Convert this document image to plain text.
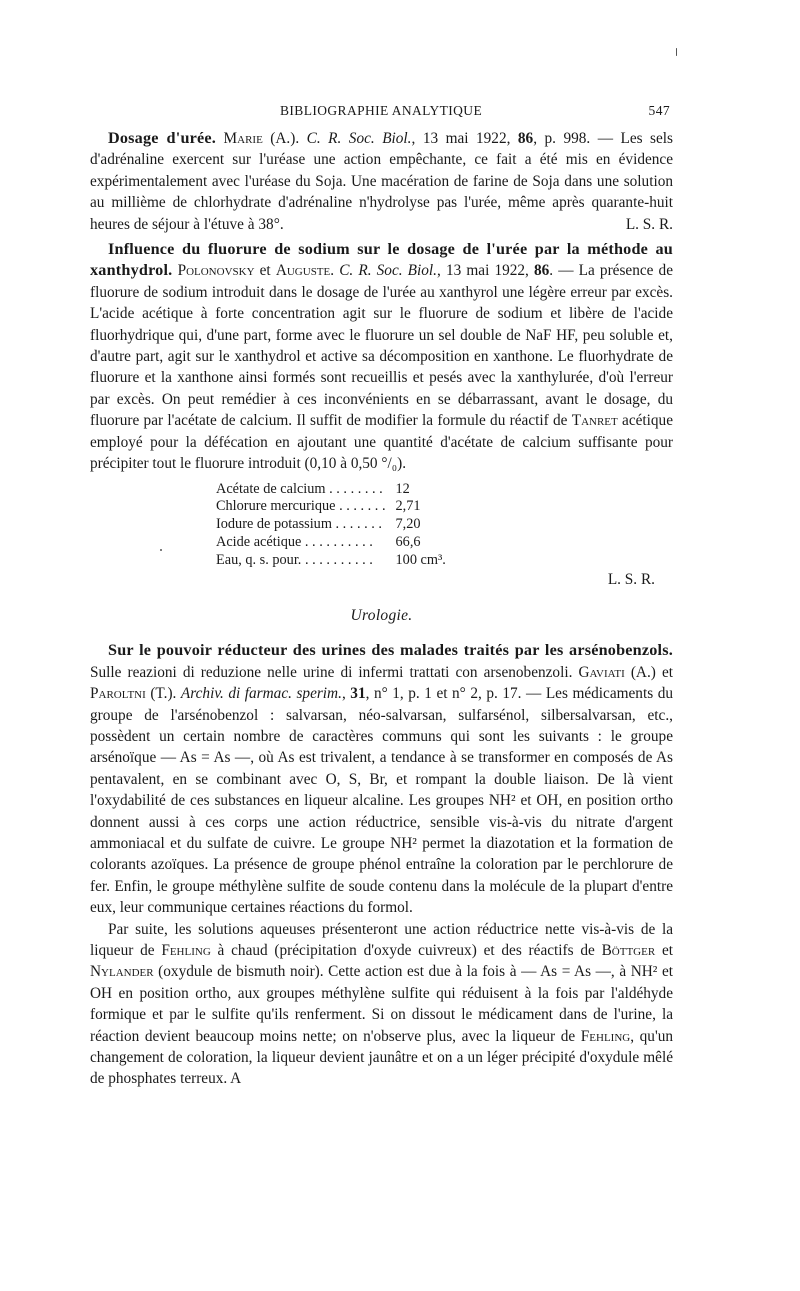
BIBLIOGRAPHIE ANALYTIQUE	547

Dosage d'urée. Marie (A.). C. R. Soc. Biol., 13 mai 1922, 86, p. 998. — Les sels d'adrénaline exercent sur l'uréase une action empêchante, ce fait a été mis en évidence expérimentalement avec l'uréase du Soja. Une macération de farine de Soja dans une solution au millième de chlorhydrate d'adrénaline n'hydrolyse pas l'urée, même après quarante-huit heures de séjour à l'étuve à 38°.	L. S. R.

Influence du fluorure de sodium sur le dosage de l'urée par la méthode au xanthydrol. Polonovsky et Auguste. C. R. Soc. Biol., 13 mai 1922, 86. — La présence de fluorure de sodium introduit dans le dosage de l'urée au xanthyrol une légère erreur par excès. L'acide acétique à forte concentration agit sur le fluorure de sodium et libère de l'acide fluorhydrique qui, d'une part, forme avec le fluorure un sel double de NaF HF, peu soluble et, d'autre part, agit sur le xanthydrol et active sa décomposition en xanthone. Le fluorhydrate de fluorure et la xanthone ainsi formés sont recueillis et pesés avec la xanthylurée, d'où l'erreur par excès. On peut remédier à ces inconvénients en se débarrassant, avant le dosage, du fluorure par l'acétate de calcium. Il suffit de modifier la formule du réactif de Tanret acétique employé pour la défécation en ajoutant une quantité d'acétate de calcium suffisante pour précipiter tout le fluorure introduit (0,10 à 0,50 °/₀).

Acétate de calcium . . . . . . . .	12
Chlorure mercurique . . . . . . .	2,71
Iodure de potassium . . . . . . .	7,20
Acide acétique . . . . . . . . . .	66,6
Eau, q. s. pour. . . . . . . . . . .	100 cm³.

L. S. R.

Urologie.

Sur le pouvoir réducteur des urines des malades traités par les arsénobenzols. Sulle reazioni di reduzione nelle urine di infermi trattati con arsenobenzoli. Gaviati (A.) et Paroltni (T.). Archiv. di farmac. sperim., 31, n° 1, p. 1 et n° 2, p. 17. — Les médicaments du groupe de l'arsénobenzol : salvarsan, néo-salvarsan, sulfarsénol, silbersalvarsan, etc., possèdent un certain nombre de caractères communs qui sont les suivants : le groupe arsénoïque — As = As —, où As est trivalent, a tendance à se transformer en composés de As pentavalent, en se combinant avec O, S, Br, et rompant la double liaison. De là vient l'oxydabilité de ces substances en liqueur alcaline. Les groupes NH² et OH, en position ortho donnent aussi à ces corps une action réductrice, sensible vis-à-vis du nitrate d'argent ammoniacal et du sulfate de cuivre. Le groupe NH² permet la diazotation et la formation de colorants azoïques. La présence de groupe phénol entraîne la coloration par le perchlorure de fer. Enfin, le groupe méthylène sulfite de soude contenu dans la molécule de la plupart d'entre eux, leur communique certaines réactions du formol.

Par suite, les solutions aqueuses présenteront une action réductrice nette vis-à-vis de la liqueur de Fehling à chaud (précipitation d'oxyde cuivreux) et des réactifs de Böttger et Nylander (oxydule de bismuth noir). Cette action est due à la fois à — As = As —, à NH² et OH en position ortho, aux groupes méthylène sulfite qui réduisent à la fois par l'aldéhyde formique et par le sulfite qu'ils renferment. Si on dissout le médicament dans de l'urine, la réaction devient beaucoup moins nette; on n'observe plus, avec la liqueur de Fehling, qu'un changement de coloration, la liqueur devient jaunâtre et on a un léger précipité d'oxydule mêlé de phosphates terreux. A
